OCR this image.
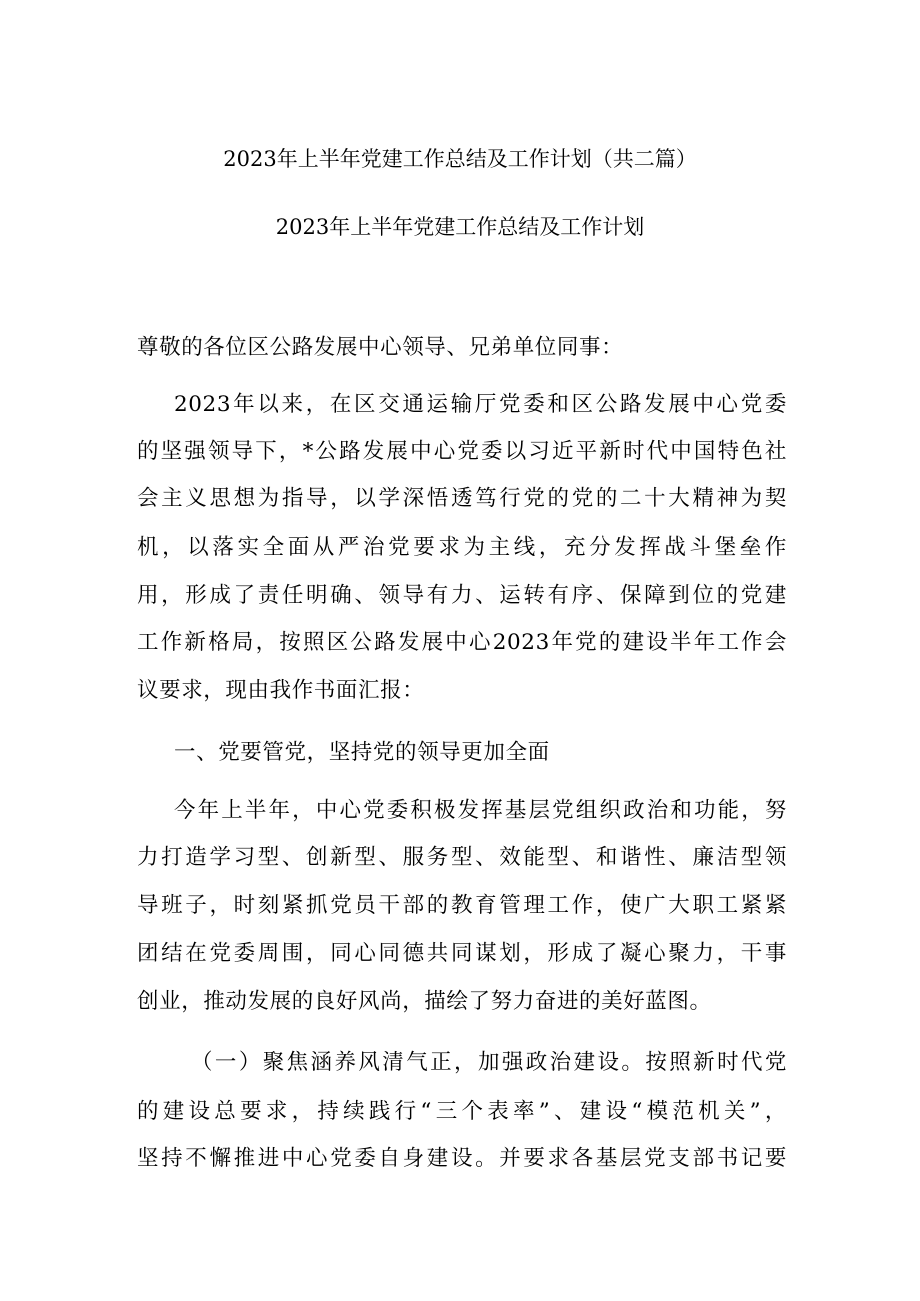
2023年上半年党建工作总结及工作计划（共二篇）
2023年上半年党建工作总结及工作计划
尊敬的各位区公路发展中心领导、兄弟单位同事：
2023年以来，在区交通运输厅党委和区公路发展中心党委
的坚强领导下，*公路发展中心党委以习近平新时代中国特色社
会主义思想为指导，以学深悟透笃行党的党的二十大精神为契
机，以落实全面从严治党要求为主线，充分发挥战斗堡垒作
用，形成了责任明确、领导有力、运转有序、保障到位的党建
工作新格局，按照区公路发展中心2023年党的建设半年工作会
议要求，现由我作书面汇报：
一、党要管党，坚持党的领导更加全面
今年上半年，中心党委积极发挥基层党组织政治和功能，努
力打造学习型、创新型、服务型、效能型、和谐性、廉洁型领
导班子，时刻紧抓党员干部的教育管理工作，使广大职工紧紧
团结在党委周围，同心同德共同谋划，形成了凝心聚力，干事
创业，推动发展的良好风尚，描绘了努力奋进的美好蓝图。
（一）聚焦涵养风清气正，加强政治建设。按照新时代党
的建设总要求，持续践行“三个表率”、建设“模范机关”，
坚持不懈推进中心党委自身建设。并要求各基层党支部书记要
